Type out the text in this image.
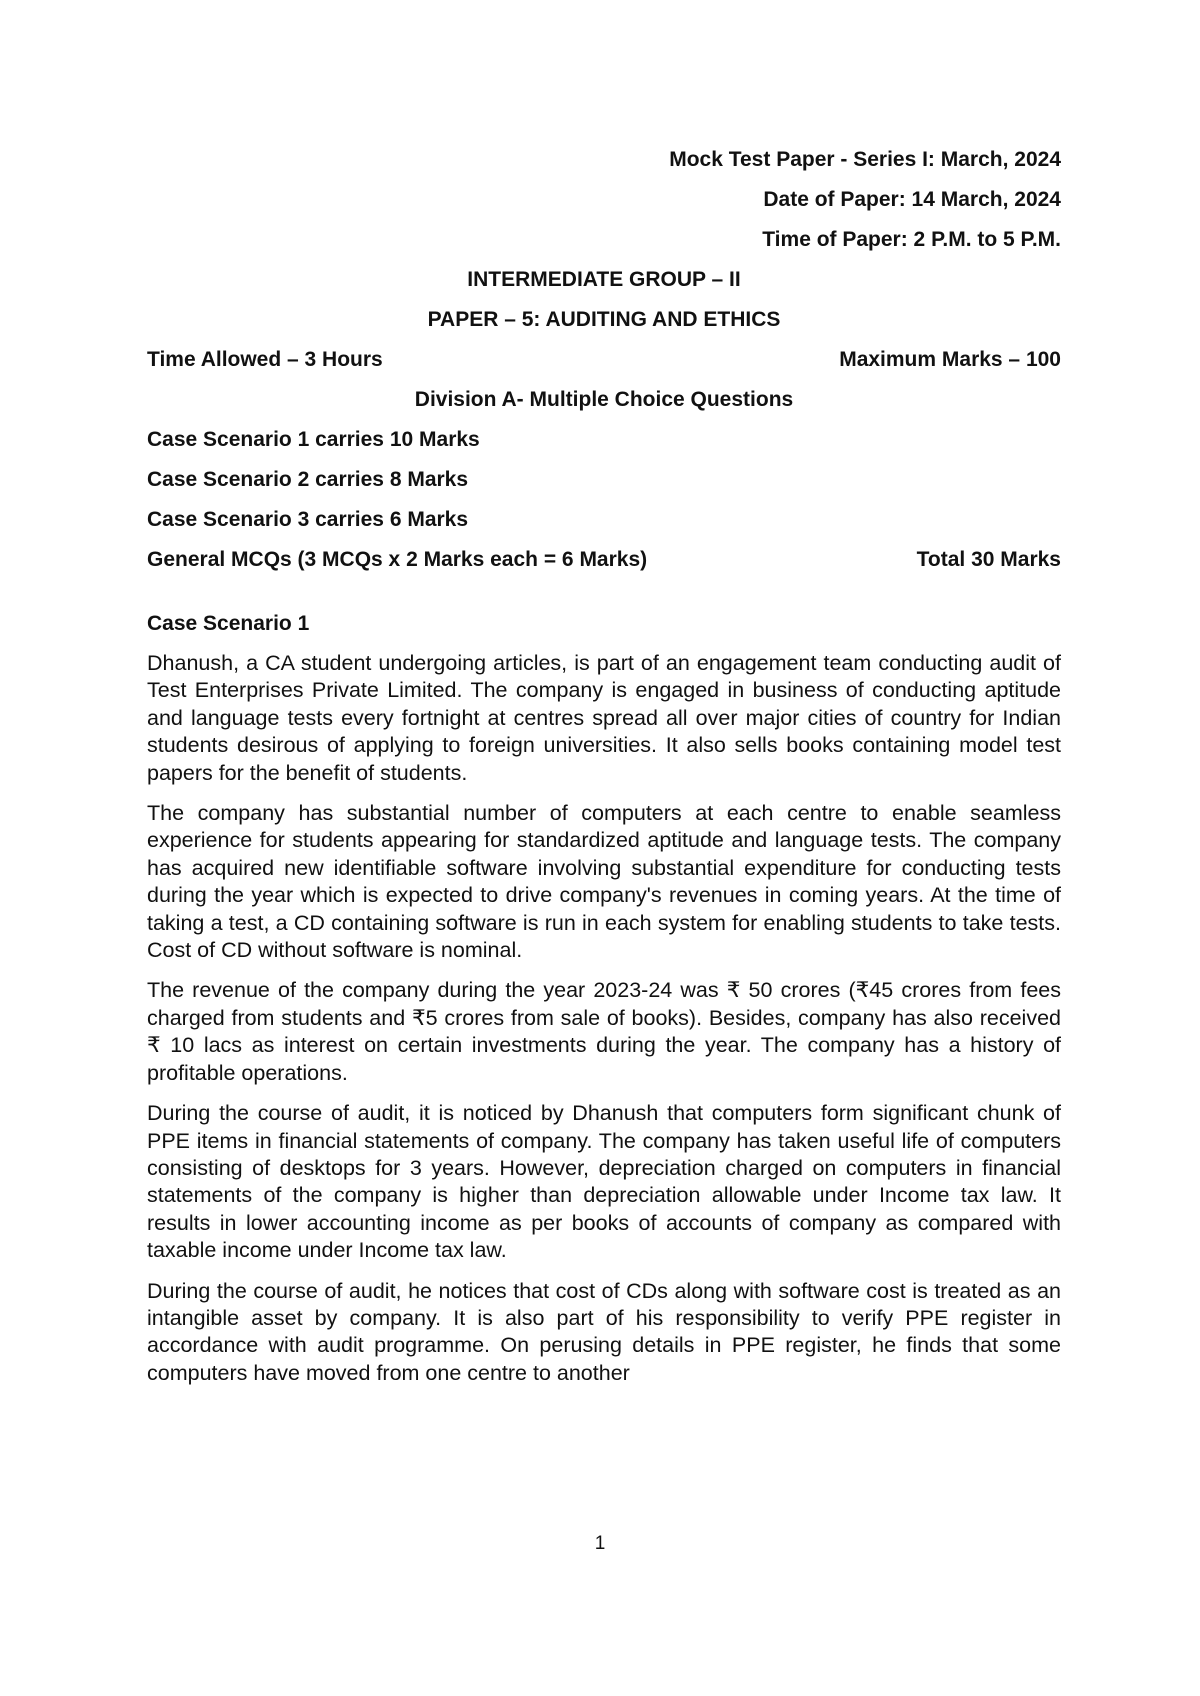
Mock Test Paper - Series I: March, 2024
Date of Paper: 14 March, 2024
Time of Paper: 2 P.M. to 5 P.M.
INTERMEDIATE GROUP – II
PAPER – 5: AUDITING AND ETHICS
Time Allowed – 3 Hours	Maximum Marks – 100
Division A- Multiple Choice Questions
Case Scenario 1 carries 10 Marks
Case Scenario 2 carries 8 Marks
Case Scenario 3 carries 6 Marks
General MCQs (3 MCQs x 2 Marks each = 6 Marks)	Total 30 Marks
Case Scenario 1

Dhanush, a CA student undergoing articles, is part of an engagement team conducting audit of Test Enterprises Private Limited. The company is engaged in business of conducting aptitude and language tests every fortnight at centres spread all over major cities of country for Indian students desirous of applying to foreign universities. It also sells books containing model test papers for the benefit of students.

The company has substantial number of computers at each centre to enable seamless experience for students appearing for standardized aptitude and language tests. The company has acquired new identifiable software involving substantial expenditure for conducting tests during the year which is expected to drive company's revenues in coming years. At the time of taking a test, a CD containing software is run in each system for enabling students to take tests. Cost of CD without software is nominal.

The revenue of the company during the year 2023-24 was ₹ 50 crores (₹45 crores from fees charged from students and ₹5 crores from sale of books). Besides, company has also received ₹ 10 lacs as interest on certain investments during the year. The company has a history of profitable operations.

During the course of audit, it is noticed by Dhanush that computers form significant chunk of PPE items in financial statements of company. The company has taken useful life of computers consisting of desktops for 3 years. However, depreciation charged on computers in financial statements of the company is higher than depreciation allowable under Income tax law. It results in lower accounting income as per books of accounts of company as compared with taxable income under Income tax law.

During the course of audit, he notices that cost of CDs along with software cost is treated as an intangible asset by company. It is also part of his responsibility to verify PPE register in accordance with audit programme. On perusing details in PPE register, he finds that some computers have moved from one centre to another

1
